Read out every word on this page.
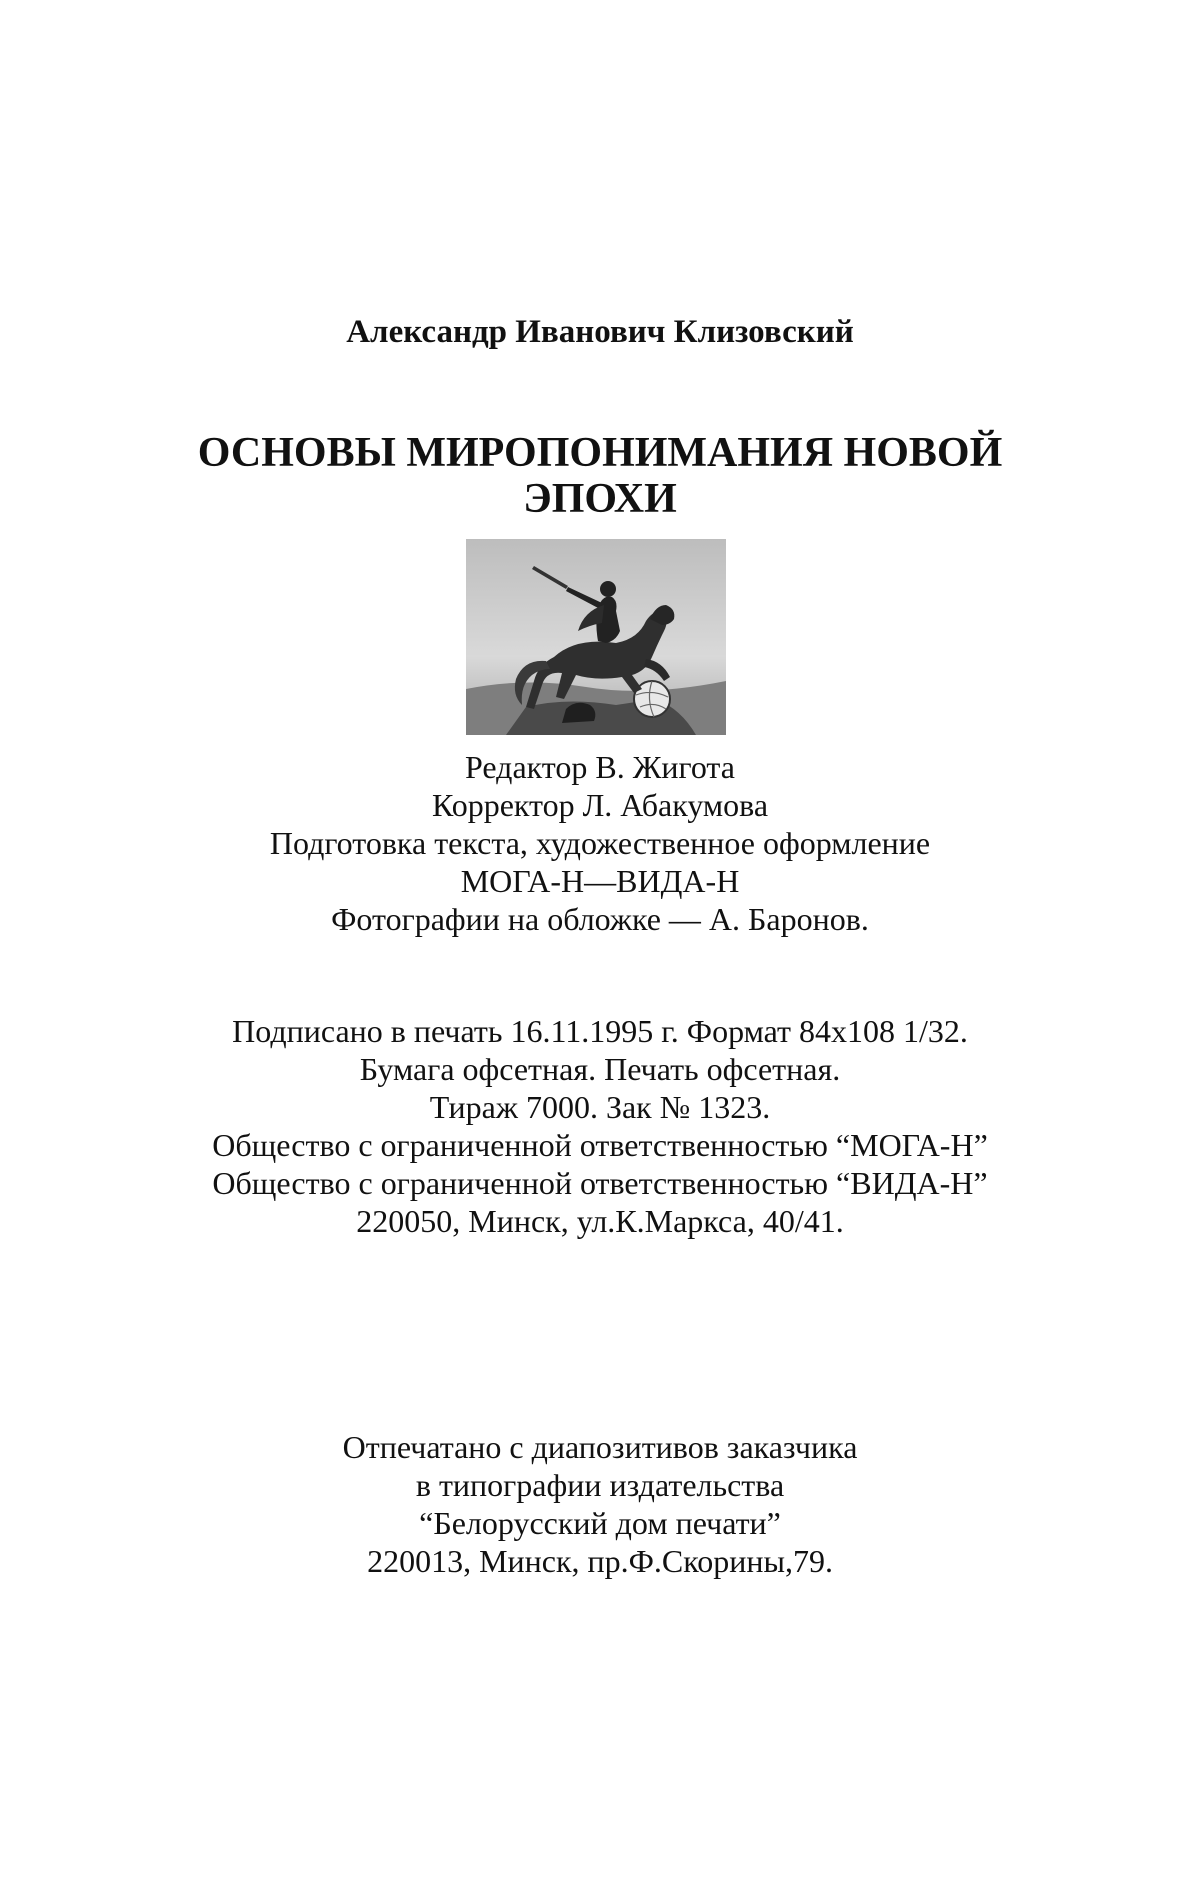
Александр Иванович Клизовский
ОСНОВЫ МИРОПОНИМАНИЯ НОВОЙ
ЭПОХИ
Редактор В. Жигота
Корректор Л. Абакумова
Подготовка текста, художественное оформление
МОГА-Н—ВИДА-Н
Фотографии на обложке — А. Баронов.
Подписано в печать 16.11.1995 г. Формат 84x108 1/32.
Бумага офсетная. Печать офсетная.
Тираж 7000. Зак № 1323.
Общество с ограниченной ответственностью “МОГА-Н”
Общество с ограниченной ответственностью “ВИДА-Н”
220050, Минск, ул.К.Маркса, 40/41.
Отпечатано с диапозитивов заказчика
в типографии издательства
“Белорусский дом печати”
220013, Минск, пр.Ф.Скорины,79.
